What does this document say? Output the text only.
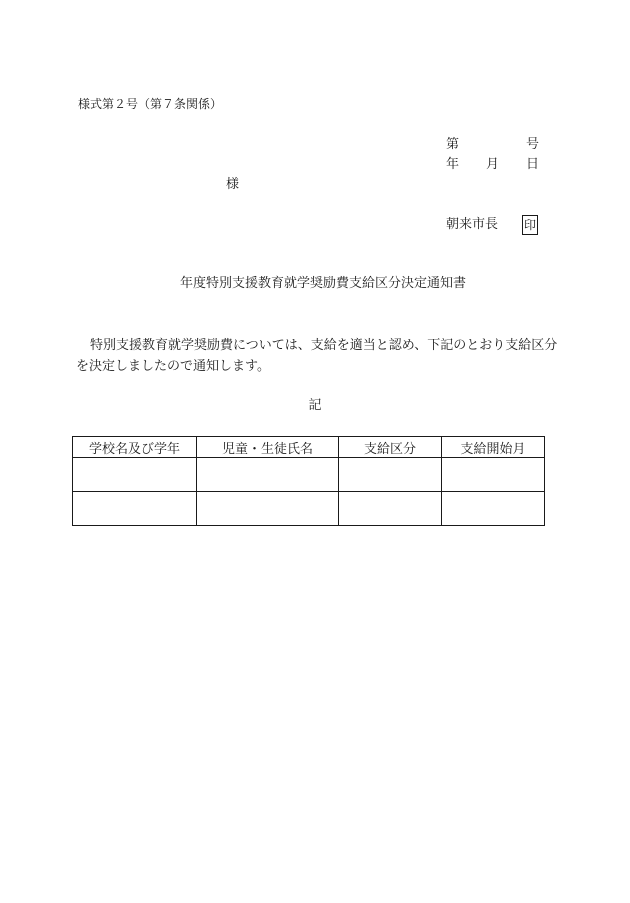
様式第２号（第７条関係）
第	号
年 月 日
様
朝来市長 印
年度特別支援教育就学奨励費支給区分決定通知書
特別支援教育就学奨励費については、支給を適当と認め、下記のとおり支給区分を決定しましたので通知します。
記
学校名及び学年	児童・生徒氏名	支給区分	支給開始月
